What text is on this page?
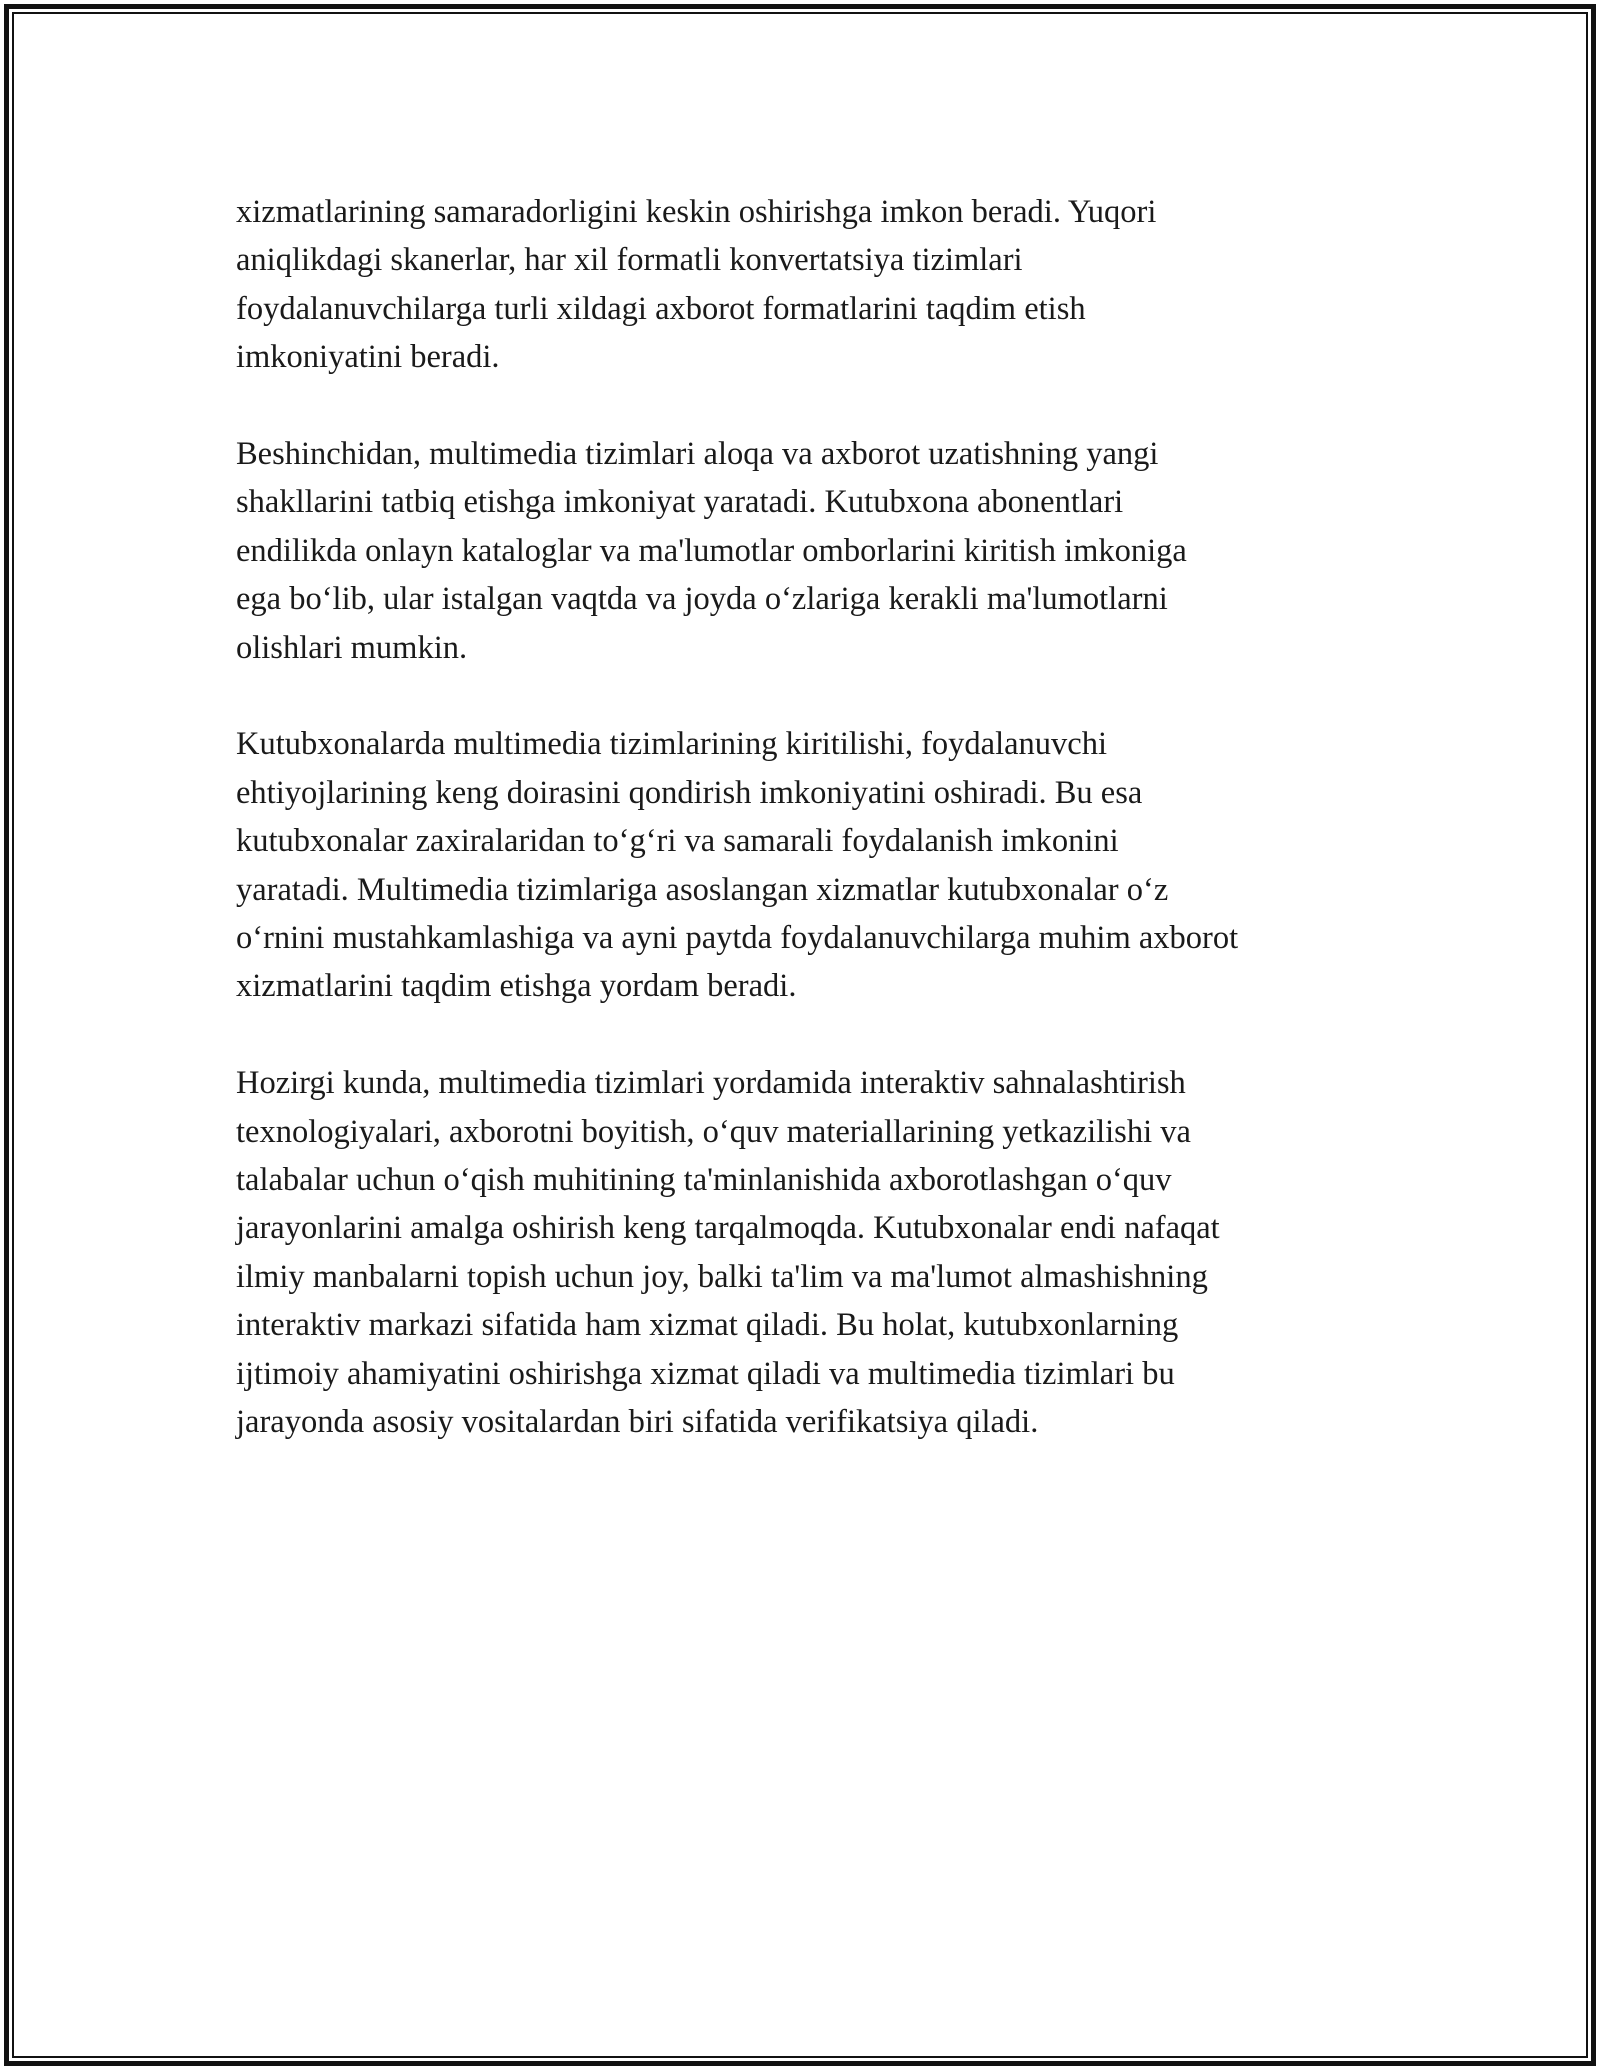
xizmatlarining samaradorligini keskin oshirishga imkon beradi. Yuqori
aniqlikdagi skanerlar, har xil formatli konvertatsiya tizimlari
foydalanuvchilarga turli xildagi axborot formatlarini taqdim etish
imkoniyatini beradi.

Beshinchidan, multimedia tizimlari aloqa va axborot uzatishning yangi
shakllarini tatbiq etishga imkoniyat yaratadi. Kutubxona abonentlari
endilikda onlayn kataloglar va ma'lumotlar omborlarini kiritish imkoniga
ega bo‘lib, ular istalgan vaqtda va joyda o‘zlariga kerakli ma'lumotlarni
olishlari mumkin.

Kutubxonalarda multimedia tizimlarining kiritilishi, foydalanuvchi
ehtiyojlarining keng doirasini qondirish imkoniyatini oshiradi. Bu esa
kutubxonalar zaxiralaridan to‘g‘ri va samarali foydalanish imkonini
yaratadi. Multimedia tizimlariga asoslangan xizmatlar kutubxonalar o‘z
o‘rnini mustahkamlashiga va ayni paytda foydalanuvchilarga muhim axborot
xizmatlarini taqdim etishga yordam beradi.

Hozirgi kunda, multimedia tizimlari yordamida interaktiv sahnalashtirish
texnologiyalari, axborotni boyitish, o‘quv materiallarining yetkazilishi va
talabalar uchun o‘qish muhitining ta'minlanishida axborotlashgan o‘quv
jarayonlarini amalga oshirish keng tarqalmoqda. Kutubxonalar endi nafaqat
ilmiy manbalarni topish uchun joy, balki ta'lim va ma'lumot almashishning
interaktiv markazi sifatida ham xizmat qiladi. Bu holat, kutubxonlarning
ijtimoiy ahamiyatini oshirishga xizmat qiladi va multimedia tizimlari bu
jarayonda asosiy vositalardan biri sifatida verifikatsiya qiladi.
